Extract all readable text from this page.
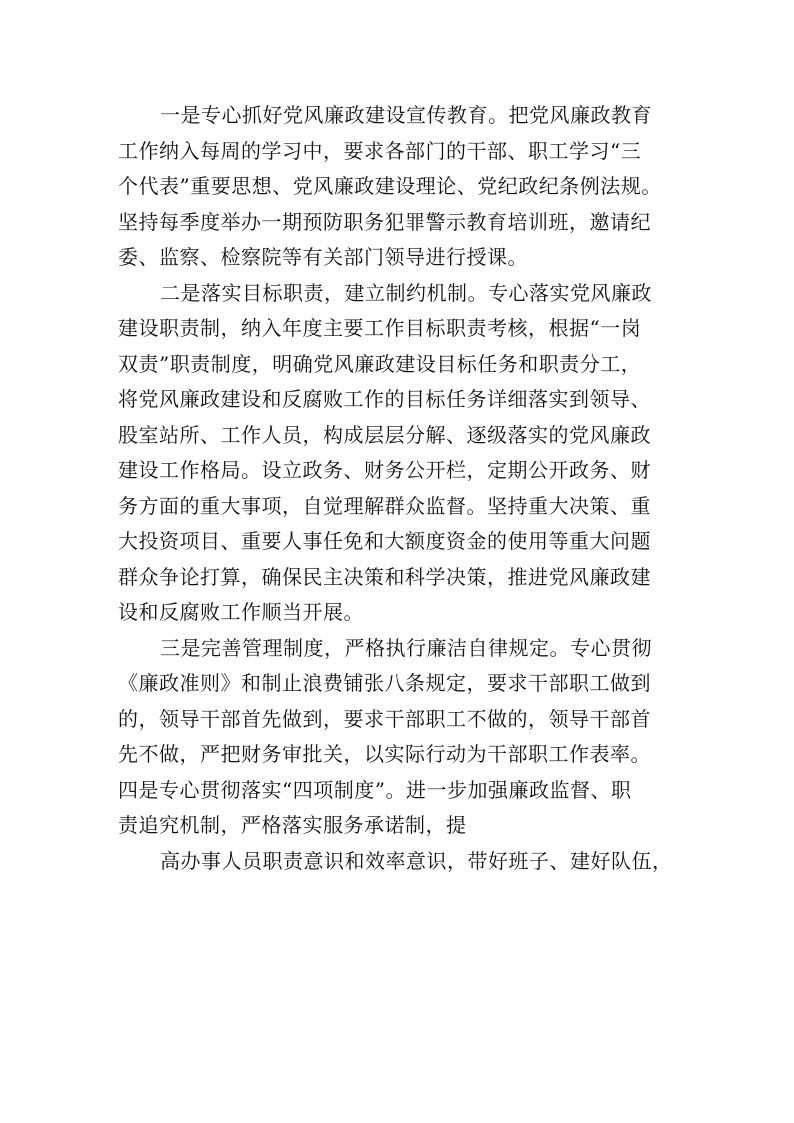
一是专心抓好党风廉政建设宣传教育。把党风廉政教育
工作纳入每周的学习中，要求各部门的干部、职工学习“三
个代表”重要思想、党风廉政建设理论、党纪政纪条例法规。
坚持每季度举办一期预防职务犯罪警示教育培训班，邀请纪
委、监察、检察院等有关部门领导进行授课。
二是落实目标职责，建立制约机制。专心落实党风廉政
建设职责制，纳入年度主要工作目标职责考核，根据“一岗
双责”职责制度，明确党风廉政建设目标任务和职责分工，
将党风廉政建设和反腐败工作的目标任务详细落实到领导、
股室站所、工作人员，构成层层分解、逐级落实的党风廉政
建设工作格局。设立政务、财务公开栏，定期公开政务、财
务方面的重大事项，自觉理解群众监督。坚持重大决策、重
大投资项目、重要人事任免和大额度资金的使用等重大问题
群众争论打算，确保民主决策和科学决策，推进党风廉政建
设和反腐败工作顺当开展。
三是完善管理制度，严格执行廉洁自律规定。专心贯彻
《廉政准则》和制止浪费铺张八条规定，要求干部职工做到
的，领导干部首先做到，要求干部职工不做的，领导干部首
先不做，严把财务审批关，以实际行动为干部职工作表率。
四是专心贯彻落实“四项制度”。进一步加强廉政监督、职
责追究机制，严格落实服务承诺制，提
高办事人员职责意识和效率意识，带好班子、建好队伍，
